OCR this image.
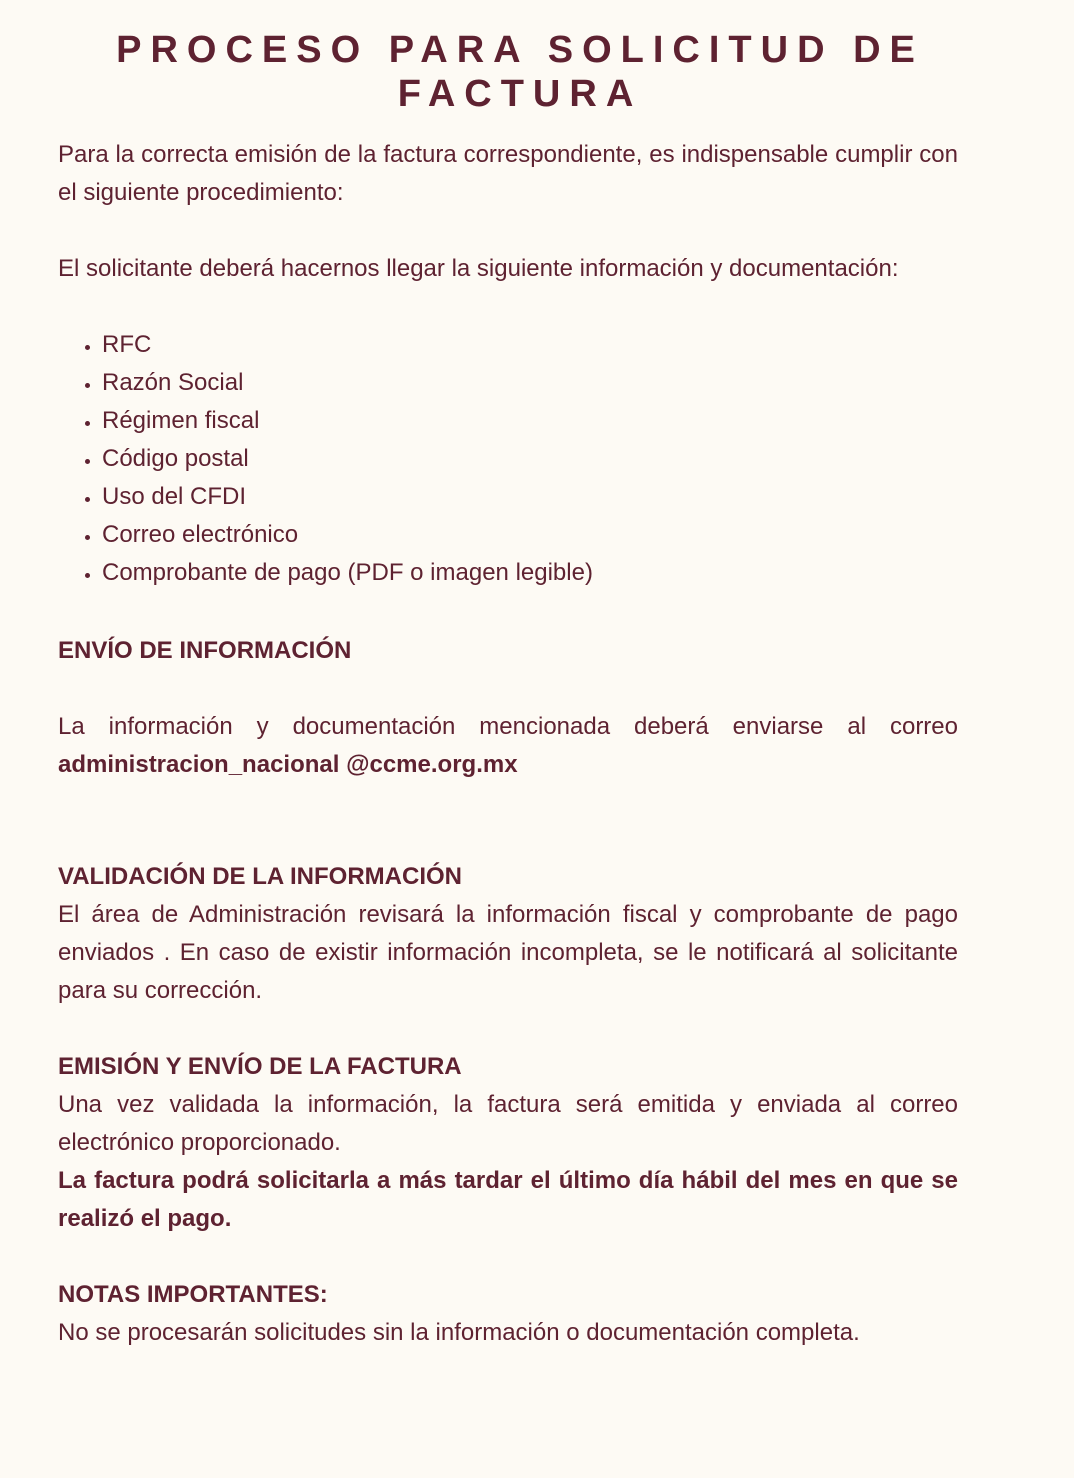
PROCESO PARA SOLICITUD DE FACTURA

Para la correcta emisión de la factura correspondiente, es indispensable cumplir con el siguiente procedimiento:

El solicitante deberá hacernos llegar la siguiente información y documentación:

• RFC
• Razón Social
• Régimen fiscal
• Código postal
• Uso del CFDI
• Correo electrónico
• Comprobante de pago (PDF o imagen legible)
ENVÍO DE INFORMACIÓN

La información y documentación mencionada deberá enviarse al correo administracion_nacional @ccme.org.mx

VALIDACIÓN DE LA INFORMACIÓN

El área de Administración revisará la información fiscal y comprobante de pago enviados . En caso de existir información incompleta, se le notificará al solicitante para su corrección.

EMISIÓN Y ENVÍO DE LA FACTURA

Una vez validada la información, la factura será emitida y enviada al correo electrónico proporcionado.

La factura podrá solicitarla a más tardar el último día hábil del mes en que se realizó el pago.

NOTAS IMPORTANTES:

No se procesarán solicitudes sin la información o documentación completa.
